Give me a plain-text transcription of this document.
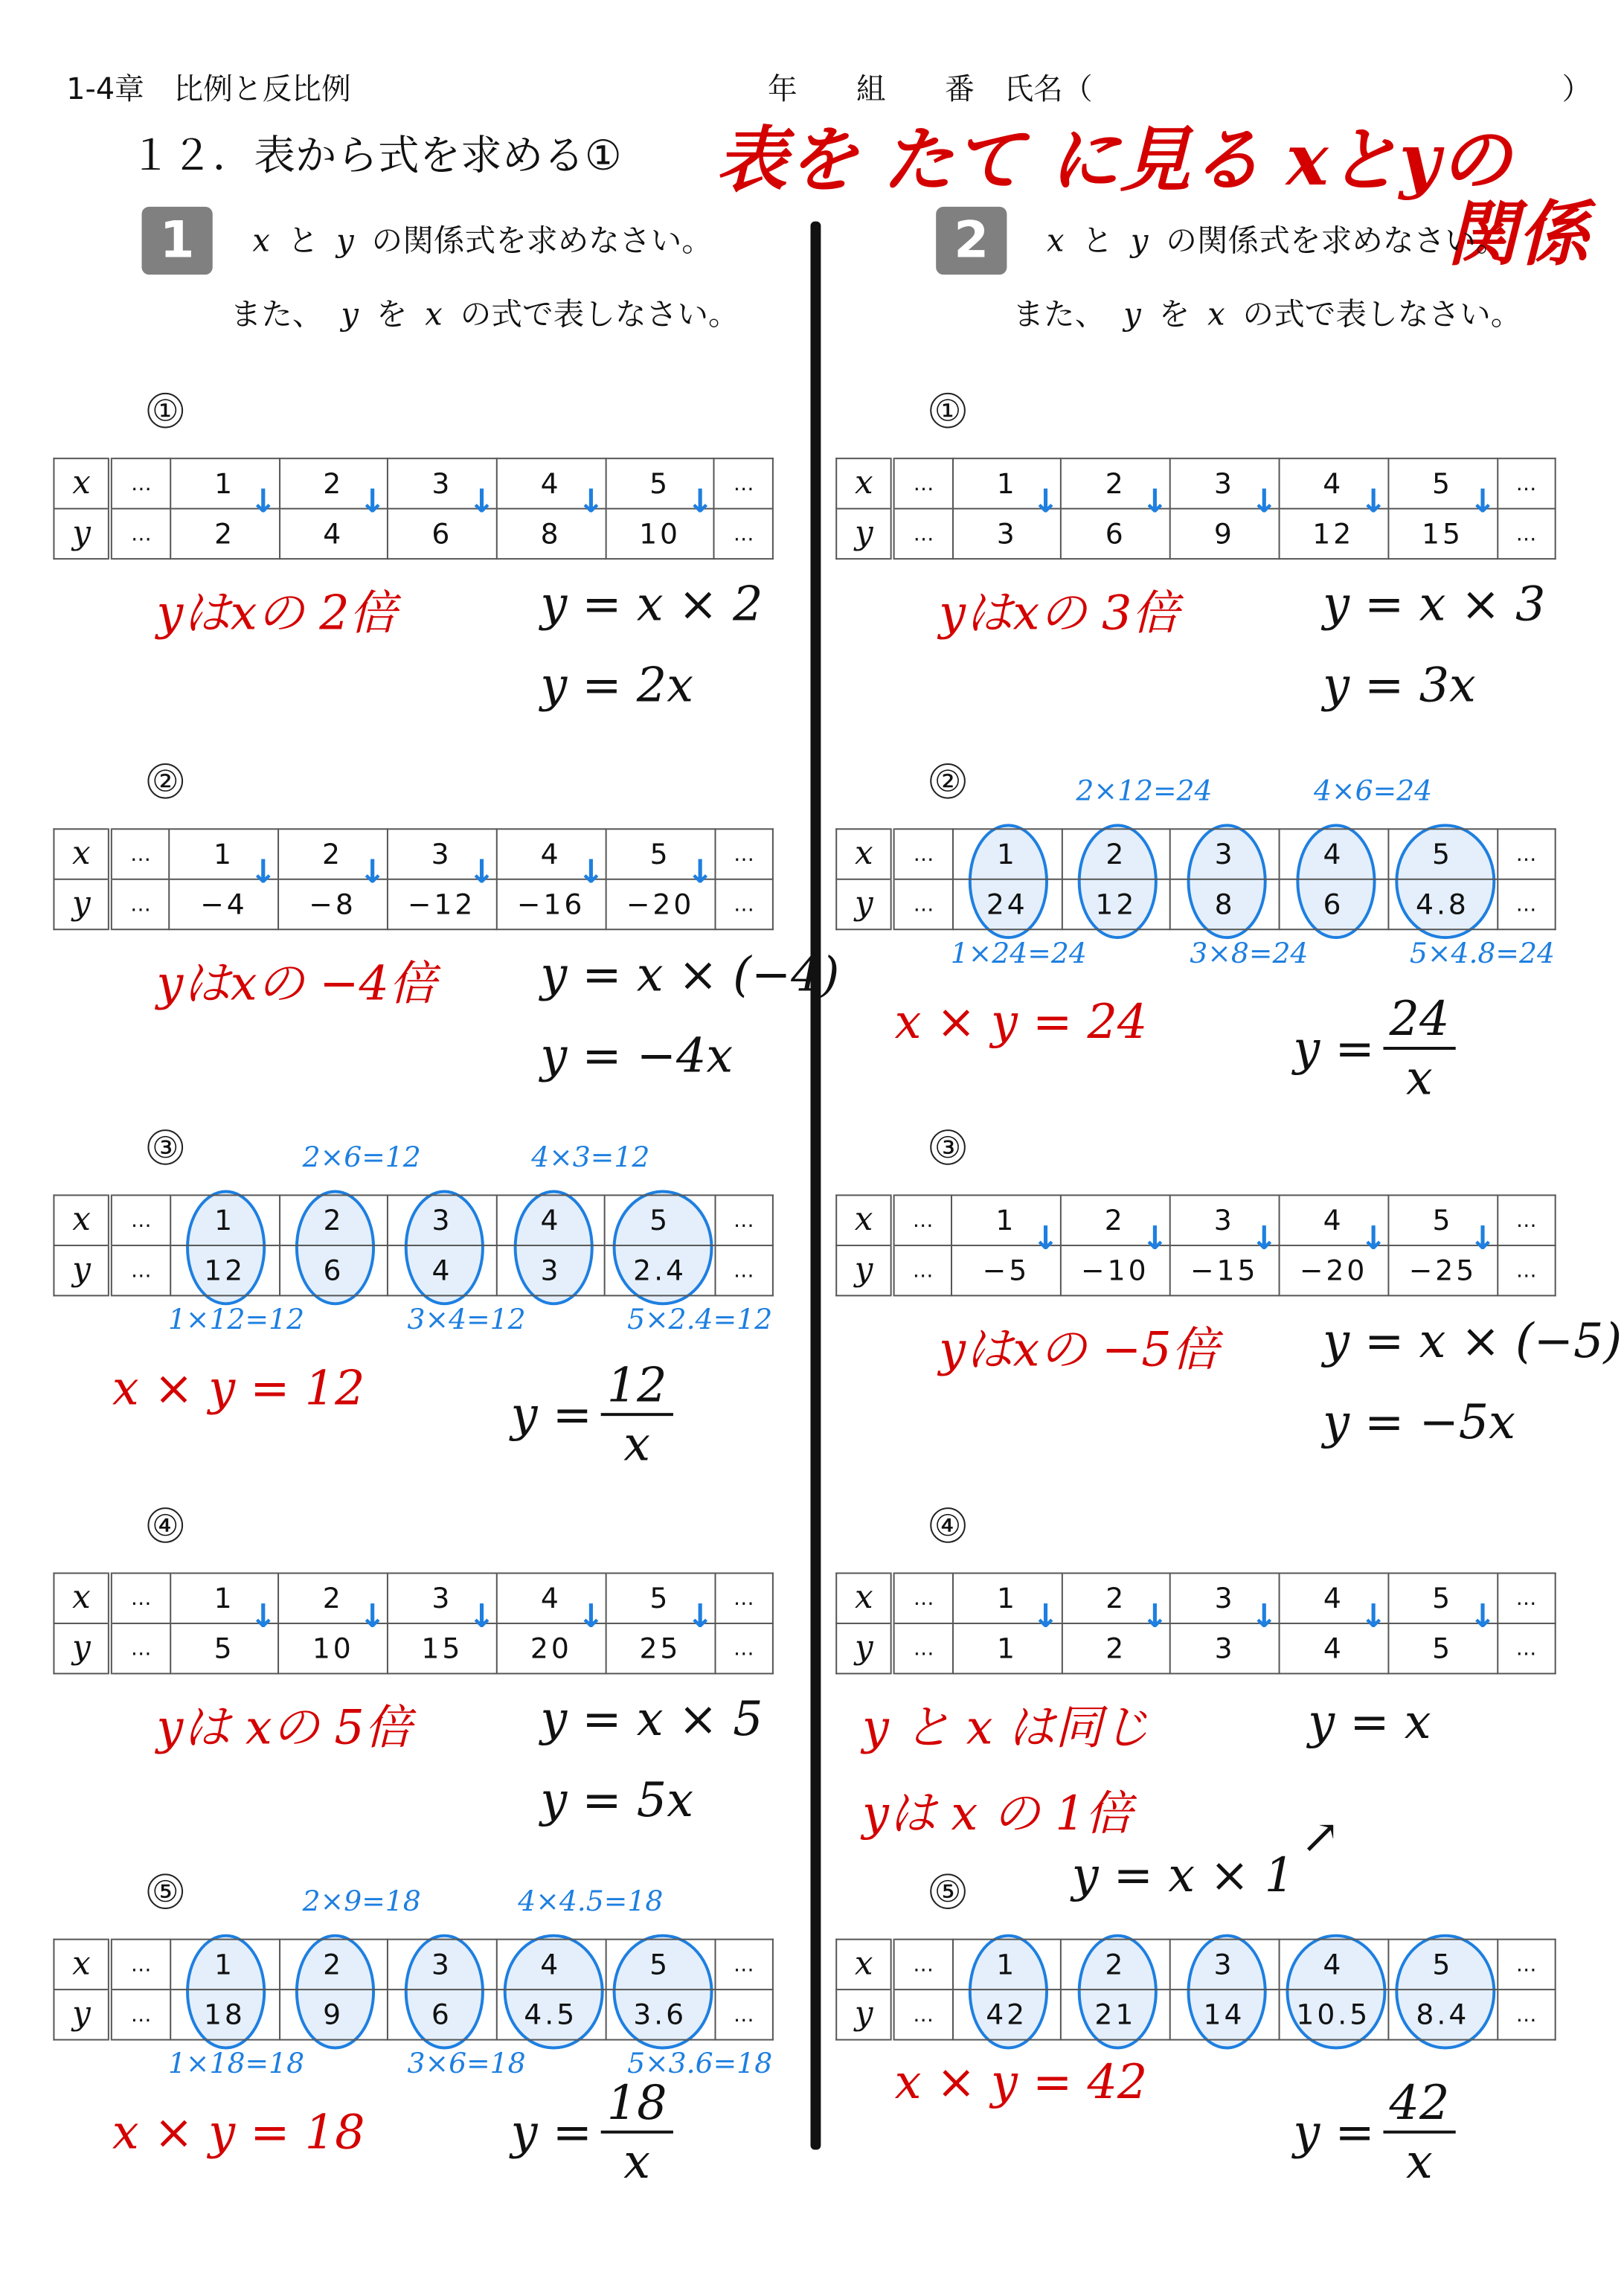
1-4章　比例と反比例	年　　組　　番　氏名（	）
１２．表から式を求める①	表を たて に見る xとyの
関係
1	x と y の関係式を求めなさい。
また、 y を x の式で表しなさい。
①
x	…	1	2	3	4	5	…
y	…	2	4	6	8	10	…
↓	↓	↓	↓	↓
yはxの 2倍	y = x × 2
y = 2x
②
x	…	1	2	3	4	5	…
y	…	−4	−8	−12	−16	−20	…
↓	↓	↓	↓	↓
yはxの −4倍	y = x × (−4)
y = −4x
③
x	…	1	2	3	4	5	…
y	…	12	6	4	3	2.4	…
2×6=12	4×3=12
1×12=12	3×4=12	5×2.4=12
x × y = 12	$y = \frac{12}{x}$
④
x	…	1	2	3	4	5	…
y	…	5	10	15	20	25	…
↓	↓	↓	↓	↓
yは xの 5倍	y = x × 5
y = 5x
⑤
x	…	1	2	3	4	5	…
y	…	18	9	6	4.5	3.6	…
2×9=18	4×4.5=18
1×18=18	3×6=18	5×3.6=18
x × y = 18	$y = \frac{18}{x}$
2	x と y の関係式を求めなさい。
また、 y を x の式で表しなさい。
①
x	…	1	2	3	4	5	…
y	…	3	6	9	12	15	…
↓	↓	↓	↓	↓
yはxの 3倍	y = x × 3
y = 3x
②
x	…	1	2	3	4	5	…
y	…	24	12	8	6	4.8	…
2×12=24	4×6=24
1×24=24	3×8=24	5×4.8=24
x × y = 24	$y = \frac{24}{x}$
③
x	…	1	2	3	4	5	…
y	…	−5	−10	−15	−20	−25	…
↓	↓	↓	↓	↓
yはxの −5倍	y = x × (−5)
y = −5x
④
x	…	1	2	3	4	5	…
y	…	1	2	3	4	5	…
↓	↓	↓	↓	↓
y と x は同じ
yは x の 1倍
y = x
y = x × 1
↗
⑤
x	…	1	2	3	4	5	…
y	…	42	21	14	10.5	8.4	…
x × y = 42
$y = \frac{42}{x}$
